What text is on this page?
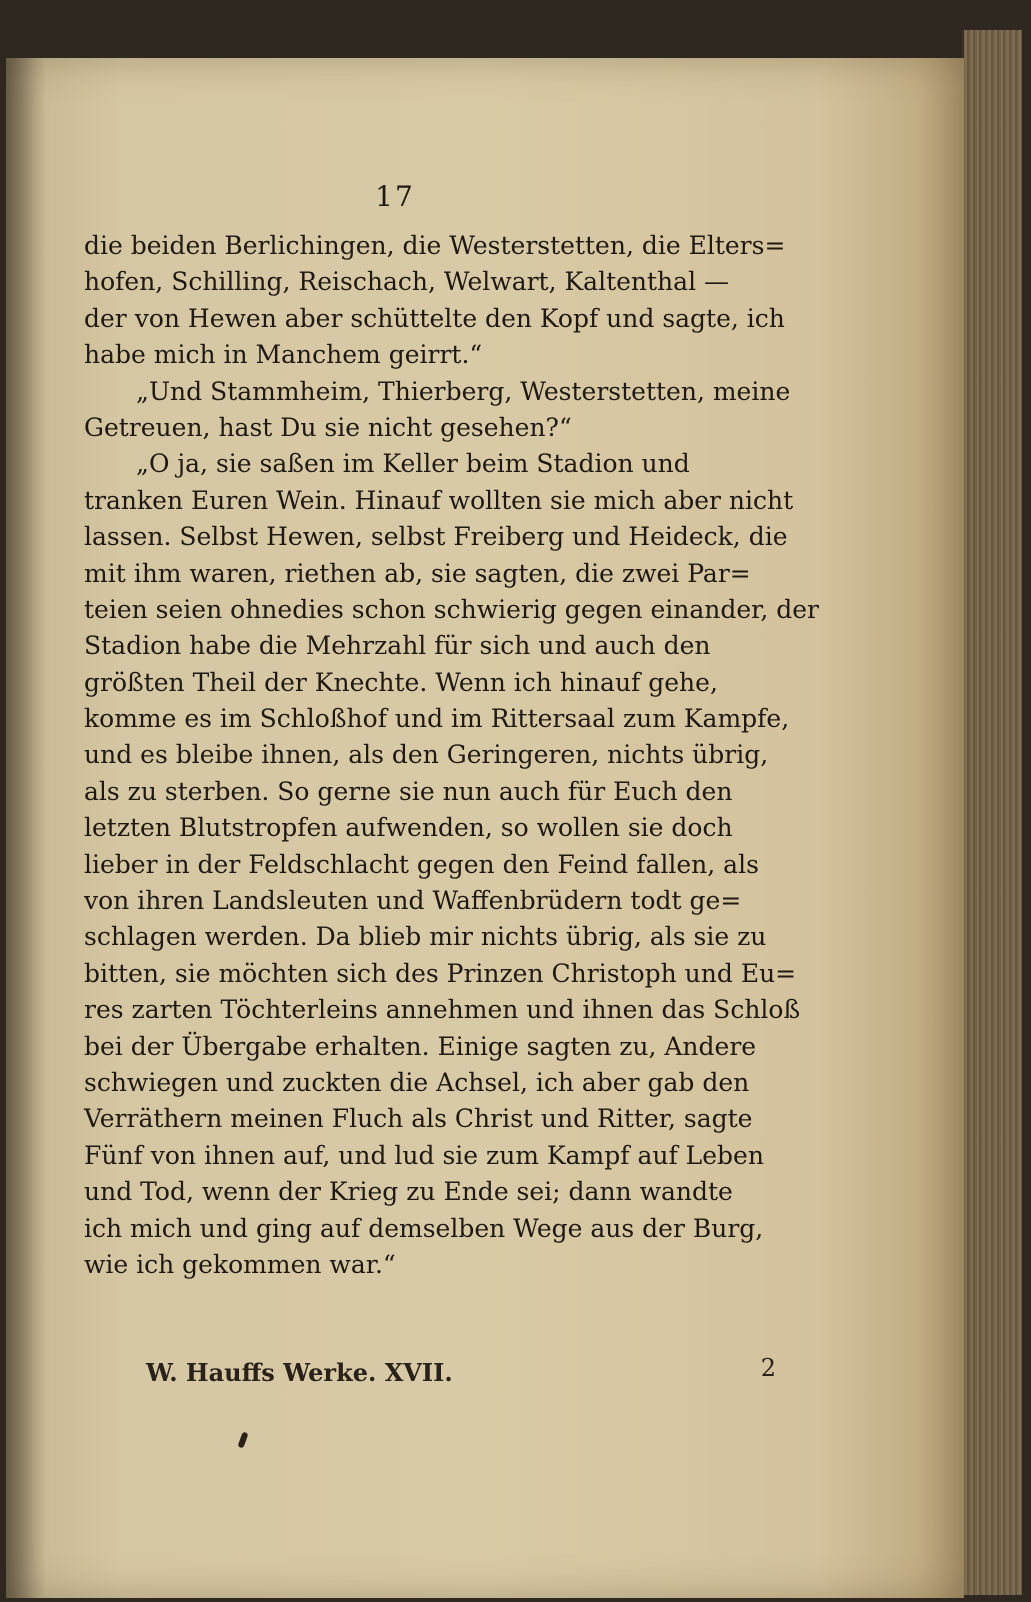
17
die beiden Berlichingen, die Westerstetten, die Elters=
hofen, Schilling, Reischach, Welwart, Kaltenthal —
der von Hewen aber schüttelte den Kopf und sagte, ich
habe mich in Manchem geirrt.“
„Und Stammheim, Thierberg, Westerstetten, meine
Getreuen, hast Du sie nicht gesehen?“
„O ja, sie saßen im Keller beim Stadion und
tranken Euren Wein. Hinauf wollten sie mich aber nicht
lassen. Selbst Hewen, selbst Freiberg und Heideck, die
mit ihm waren, riethen ab, sie sagten, die zwei Par=
teien seien ohnedies schon schwierig gegen einander, der
Stadion habe die Mehrzahl für sich und auch den
größten Theil der Knechte. Wenn ich hinauf gehe,
komme es im Schloßhof und im Rittersaal zum Kampfe,
und es bleibe ihnen, als den Geringeren, nichts übrig,
als zu sterben. So gerne sie nun auch für Euch den
letzten Blutstropfen aufwenden, so wollen sie doch
lieber in der Feldschlacht gegen den Feind fallen, als
von ihren Landsleuten und Waffenbrüdern todt ge=
schlagen werden. Da blieb mir nichts übrig, als sie zu
bitten, sie möchten sich des Prinzen Christoph und Eu=
res zarten Töchterleins annehmen und ihnen das Schloß
bei der Übergabe erhalten. Einige sagten zu, Andere
schwiegen und zuckten die Achsel, ich aber gab den
Verräthern meinen Fluch als Christ und Ritter, sagte
Fünf von ihnen auf, und lud sie zum Kampf auf Leben
und Tod, wenn der Krieg zu Ende sei; dann wandte
ich mich und ging auf demselben Wege aus der Burg,
wie ich gekommen war.“
W. Hauffs Werke. XVII.	2
